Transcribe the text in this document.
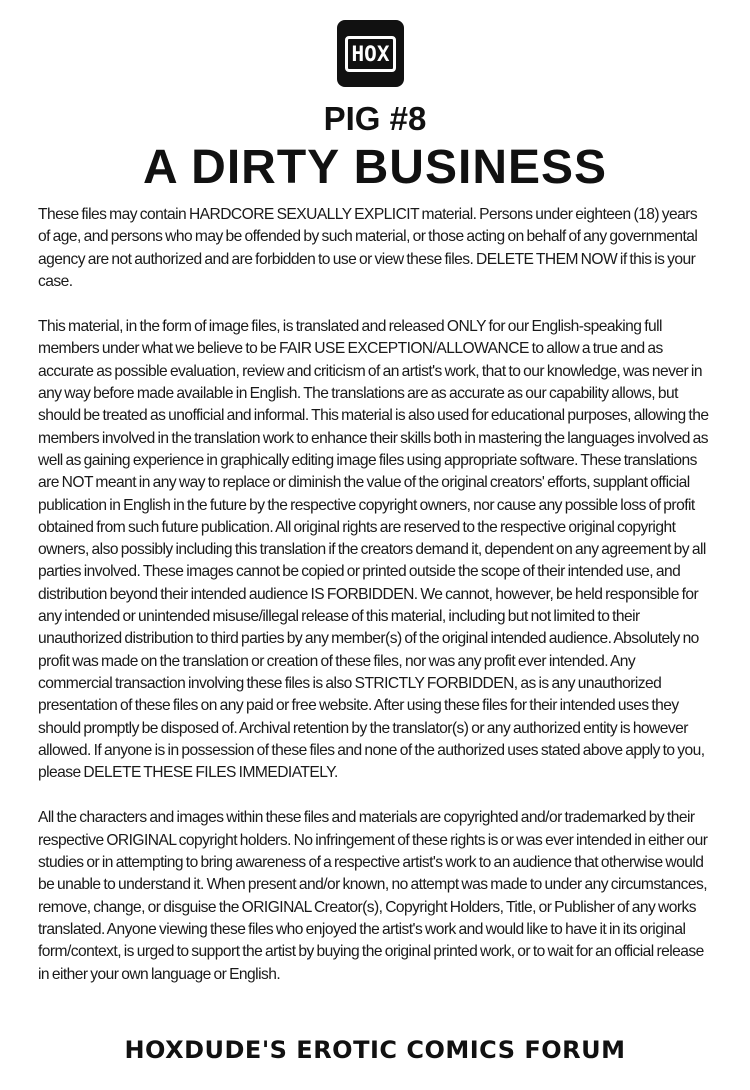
HOX
PIG #8
A DIRTY BUSINESS

These files may contain HARDCORE SEXUALLY EXPLICIT material. Persons under eighteen (18) years of age, and persons who may be offended by such material, or those acting on behalf of any governmental agency are not authorized and are forbidden to use or view these files. DELETE THEM NOW if this is your case.

This material, in the form of image files, is translated and released ONLY for our English-speaking full members under what we believe to be FAIR USE EXCEPTION/ALLOWANCE to allow a true and as accurate as possible evaluation, review and criticism of an artist's work, that to our knowledge, was never in any way before made available in English. The translations are as accurate as our capability allows, but should be treated as unofficial and informal. This material is also used for educational purposes, allowing the members involved in the translation work to enhance their skills both in mastering the languages involved as well as gaining experience in graphically editing image files using appropriate software. These translations are NOT meant in any way to replace or diminish the value of the original creators' efforts, supplant official publication in English in the future by the respective copyright owners, nor cause any possible loss of profit obtained from such future publication. All original rights are reserved to the respective original copyright owners, also possibly including this translation if the creators demand it, dependent on any agreement by all parties involved. These images cannot be copied or printed outside the scope of their intended use, and distribution beyond their intended audience IS FORBIDDEN. We cannot, however, be held responsible for any intended or unintended misuse/illegal release of this material, including but not limited to their unauthorized distribution to third parties by any member(s) of the original intended audience. Absolutely no profit was made on the translation or creation of these files, nor was any profit ever intended. Any commercial transaction involving these files is also STRICTLY FORBIDDEN, as is any unauthorized presentation of these files on any paid or free website. After using these files for their intended uses they should promptly be disposed of. Archival retention by the translator(s) or any authorized entity is however allowed. If anyone is in possession of these files and none of the authorized uses stated above apply to you, please DELETE THESE FILES IMMEDIATELY.

All the characters and images within these files and materials are copyrighted and/or trademarked by their respective ORIGINAL copyright holders. No infringement of these rights is or was ever intended in either our studies or in attempting to bring awareness of a respective artist's work to an audience that otherwise would be unable to understand it. When present and/or known, no attempt was made to under any circumstances, remove, change, or disguise the ORIGINAL Creator(s), Copyright Holders, Title, or Publisher of any works translated. Anyone viewing these files who enjoyed the artist's work and would like to have it in its original form/context, is urged to support the artist by buying the original printed work, or to wait for an official release in either your own language or English.

HOXDUDE'S EROTIC COMICS FORUM
